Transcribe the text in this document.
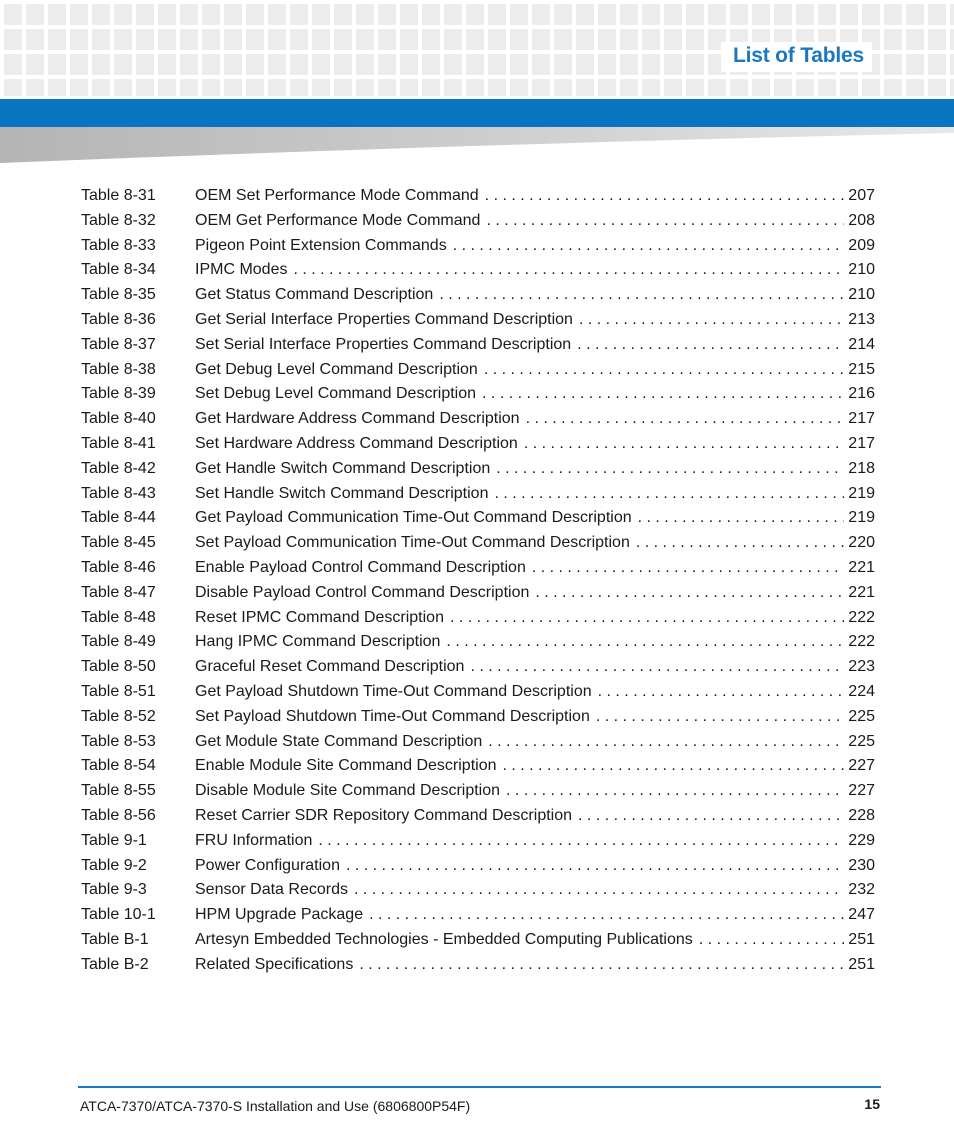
List of Tables
Table 8-31	OEM Set Performance Mode Command . . .	207
Table 8-32	OEM Get Performance Mode Command . . .	208
Table 8-33	Pigeon Point Extension Commands . . .	209
Table 8-34	IPMC Modes . . .	210
Table 8-35	Get Status Command Description . . .	210
Table 8-36	Get Serial Interface Properties Command Description . . .	213
Table 8-37	Set Serial Interface Properties Command Description . . .	214
Table 8-38	Get Debug Level Command Description . . .	215
Table 8-39	Set Debug Level Command Description . . .	216
Table 8-40	Get Hardware Address Command Description . . .	217
Table 8-41	Set Hardware Address Command Description . . .	217
Table 8-42	Get Handle Switch Command Description . . .	218
Table 8-43	Set Handle Switch Command Description . . .	219
Table 8-44	Get Payload Communication Time-Out Command Description . . .	219
Table 8-45	Set Payload Communication Time-Out Command Description . . .	220
Table 8-46	Enable Payload Control Command Description . . .	221
Table 8-47	Disable Payload Control Command Description . . .	221
Table 8-48	Reset IPMC Command Description . . .	222
Table 8-49	Hang IPMC Command Description . . .	222
Table 8-50	Graceful Reset Command Description . . .	223
Table 8-51	Get Payload Shutdown Time-Out Command Description . . .	224
Table 8-52	Set Payload Shutdown Time-Out Command Description . . .	225
Table 8-53	Get Module State Command Description . . .	225
Table 8-54	Enable Module Site Command Description . . .	227
Table 8-55	Disable Module Site Command Description . . .	227
Table 8-56	Reset Carrier SDR Repository Command Description . . .	228
Table 9-1	FRU Information . . .	229
Table 9-2	Power Configuration . . .	230
Table 9-3	Sensor Data Records . . .	232
Table 10-1	HPM Upgrade Package . . .	247
Table B-1	Artesyn Embedded Technologies - Embedded Computing Publications . . .	251
Table B-2	Related Specifications . . .	251
ATCA-7370/ATCA-7370-S Installation and Use (6806800P54F)	15
